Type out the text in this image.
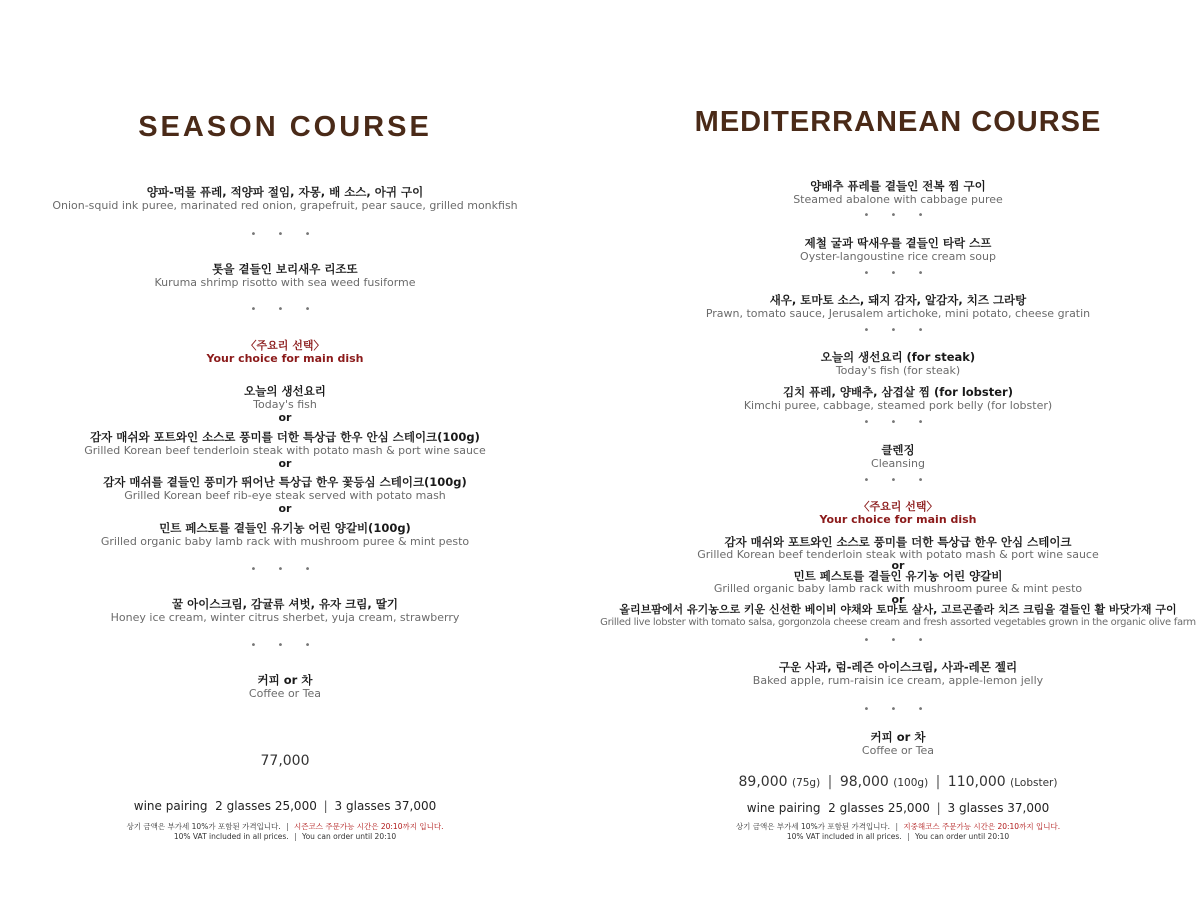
SEASON COURSE
양파-먹물 퓨레, 적양파 절임, 자몽, 배 소스, 아귀 구이
Onion-squid ink puree, marinated red onion, grapefruit, pear sauce, grilled monkfish
• • •
톳을 곁들인 보리새우 리조또
Kuruma shrimp risotto with sea weed fusiforme
• • •
〈주요리 선택〉
Your choice for main dish
오늘의 생선요리
Today's fish
or
감자 매쉬와 포트와인 소스로 풍미를 더한 특상급 한우 안심 스테이크(100g)
Grilled Korean beef tenderloin steak with potato mash & port wine sauce
or
감자 매쉬를 곁들인 풍미가 뛰어난 특상급 한우 꽃등심 스테이크(100g)
Grilled Korean beef rib-eye steak served with potato mash
or
민트 페스토를 곁들인 유기농 어린 양갈비(100g)
Grilled organic baby lamb rack with mushroom puree & mint pesto
• • •
꿀 아이스크림, 감귤류 셔벗, 유자 크림, 딸기
Honey ice cream, winter citrus sherbet, yuja cream, strawberry
• • •
커피 or 차
Coffee or Tea
77,000
wine pairing 2 glasses 25,000 | 3 glasses 37,000
상기 금액은 부가세 10%가 포함된 가격입니다. | 시즌코스 주문가능 시간은 20:10까지 입니다.
10% VAT included in all prices. | You can order until 20:10
MEDITERRANEAN COURSE
양배추 퓨레를 곁들인 전복 찜 구이
Steamed abalone with cabbage puree
• • •
제철 굴과 딱새우를 곁들인 타락 스프
Oyster-langoustine rice cream soup
• • •
새우, 토마토 소스, 돼지 감자, 알감자, 치즈 그라탕
Prawn, tomato sauce, Jerusalem artichoke, mini potato, cheese gratin
• • •
오늘의 생선요리 (for steak)
Today's fish (for steak)
김치 퓨레, 양배추, 삼겹살 찜 (for lobster)
Kimchi puree, cabbage, steamed pork belly (for lobster)
• • •
클렌징
Cleansing
• • •
〈주요리 선택〉
Your choice for main dish
감자 매쉬와 포트와인 소스로 풍미를 더한 특상급 한우 안심 스테이크
Grilled Korean beef tenderloin steak with potato mash & port wine sauce
or
민트 페스토를 곁들인 유기농 어린 양갈비
Grilled organic baby lamb rack with mushroom puree & mint pesto
or
올리브팜에서 유기농으로 키운 신선한 베이비 야채와 토마토 살사, 고르곤졸라 치즈 크림을 곁들인 활 바닷가재 구이
Grilled live lobster with tomato salsa, gorgonzola cheese cream and fresh assorted vegetables grown in the organic olive farm
• • •
구운 사과, 럼-레즌 아이스크림, 사과-레몬 젤리
Baked apple, rum-raisin ice cream, apple-lemon jelly
• • •
커피 or 차
Coffee or Tea
89,000 (75g) | 98,000 (100g) | 110,000 (Lobster)
wine pairing 2 glasses 25,000 | 3 glasses 37,000
상기 금액은 부가세 10%가 포함된 가격입니다. | 지중해코스 주문가능 시간은 20:10까지 입니다.
10% VAT included in all prices. | You can order until 20:10
